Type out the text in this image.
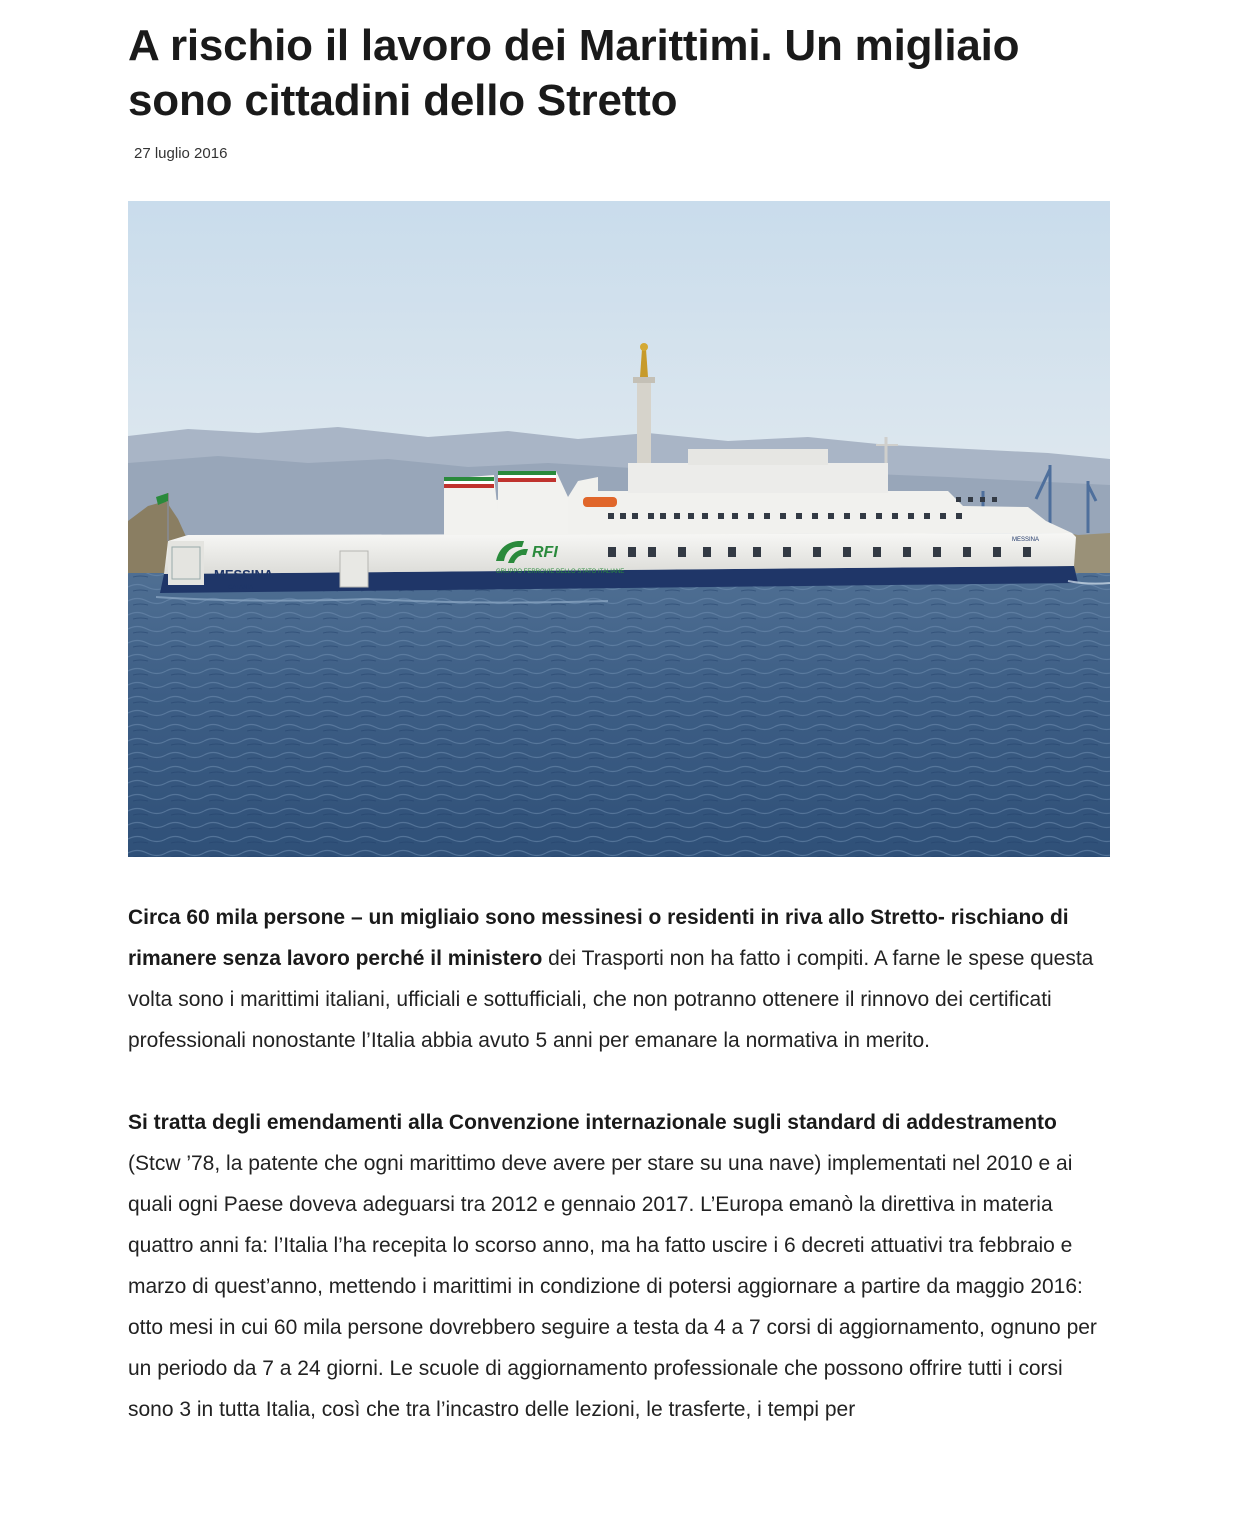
A rischio il lavoro dei Marittimi. Un migliaio sono cittadini dello Stretto
27 luglio 2016
RFI
GRUPPO FERROVIE DELLO STATO ITALIANE
MESSINA
CATANIA
MESSINA

Circa 60 mila persone – un migliaio sono messinesi o residenti in riva allo Stretto- rischiano di rimanere senza lavoro perché il ministero dei Trasporti non ha fatto i compiti. A farne le spese questa volta sono i marittimi italiani, ufficiali e sottufficiali, che non potranno ottenere il rinnovo dei certificati professionali nonostante l’Italia abbia avuto 5 anni per emanare la normativa in merito.

Si tratta degli emendamenti alla Convenzione internazionale sugli standard di addestramento (Stcw ’78, la patente che ogni marittimo deve avere per stare su una nave) implementati nel 2010 e ai quali ogni Paese doveva adeguarsi tra 2012 e gennaio 2017. L’Europa emanò la direttiva in materia quattro anni fa: l’Italia l’ha recepita lo scorso anno, ma ha fatto uscire i 6 decreti attuativi tra febbraio e marzo di quest’anno, mettendo i marittimi in condizione di potersi aggiornare a partire da maggio 2016: otto mesi in cui 60 mila persone dovrebbero seguire a testa da 4 a 7 corsi di aggiornamento, ognuno per un periodo da 7 a 24 giorni. Le scuole di aggiornamento professionale che possono offrire tutti i corsi sono 3 in tutta Italia, così che tra l’incastro delle lezioni, le trasferte, i tempi per
